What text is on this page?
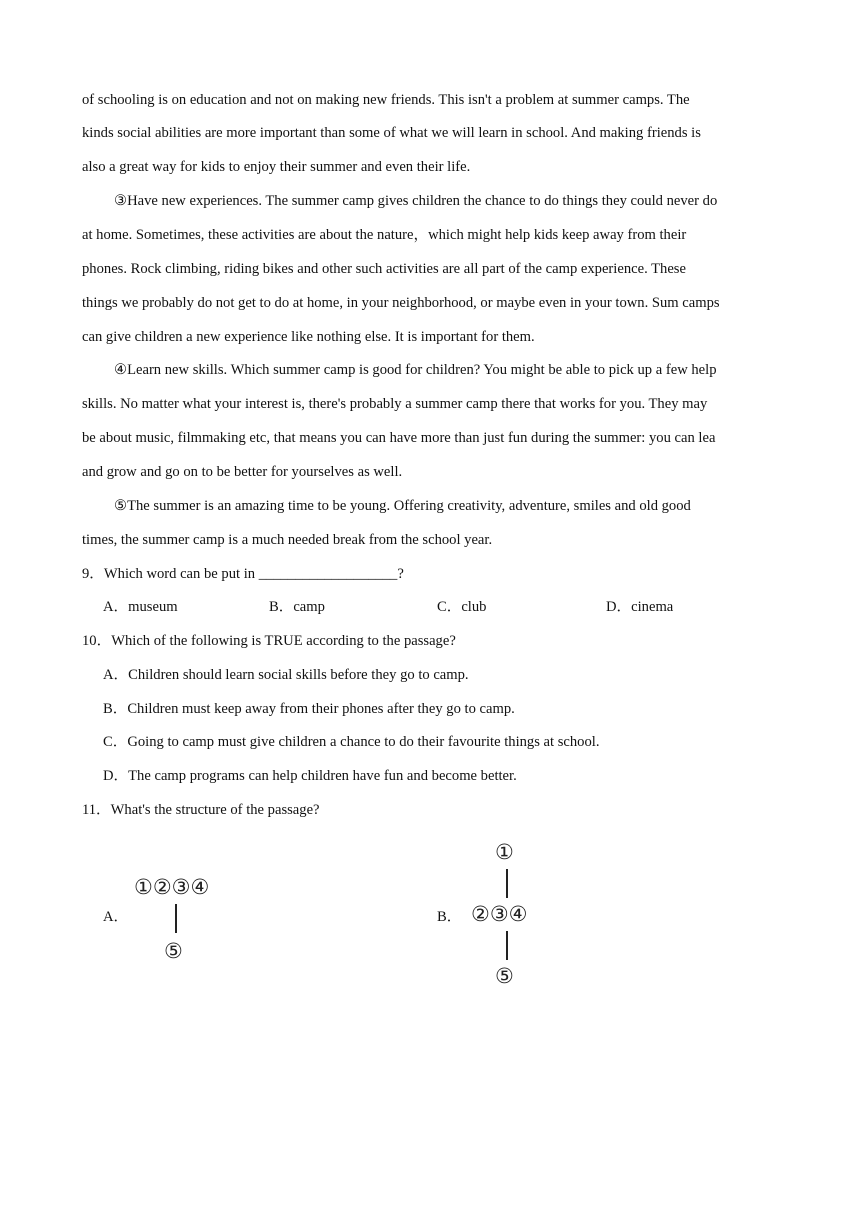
of schooling is on education and not on making new friends. This isn't a problem at summer camps. The
kinds social abilities are more important than some of what we will learn in school. And making friends is
also a great way for kids to enjoy their summer and even their life.
③Have new experiences. The summer camp gives children the chance to do things they could never do
at home. Sometimes, these activities are about the nature，which might help kids keep away from their
phones. Rock climbing, riding bikes and other such activities are all part of the camp experience. These
things we probably do not get to do at home, in your neighborhood, or maybe even in your town. Sum camps
can give children a new experience like nothing else. It is important for them.
④Learn new skills. Which summer camp is good for children? You might be able to pick up a few help
skills. No matter what your interest is, there's probably a summer camp there that works for you. They may
be about music, filmmaking etc, that means you can have more than just fun during the summer: you can lea
and grow and go on to be better for yourselves as well.
⑤The summer is an amazing time to be young. Offering creativity, adventure, smiles and old good
times, the summer camp is a much needed break from the school year.
9．Which word can be put in ___________________?
A．museum	B．camp	C．club	D．cinema
10．Which of the following is TRUE according to the passage?
A．Children should learn social skills before they go to camp.
B．Children must keep away from their phones after they go to camp.
C．Going to camp must give children a chance to do their favourite things at school.
D．The camp programs can help children have fun and become better.
11．What's the structure of the passage?
A．
①②③④
⑤
B．
①
②③④
⑤
